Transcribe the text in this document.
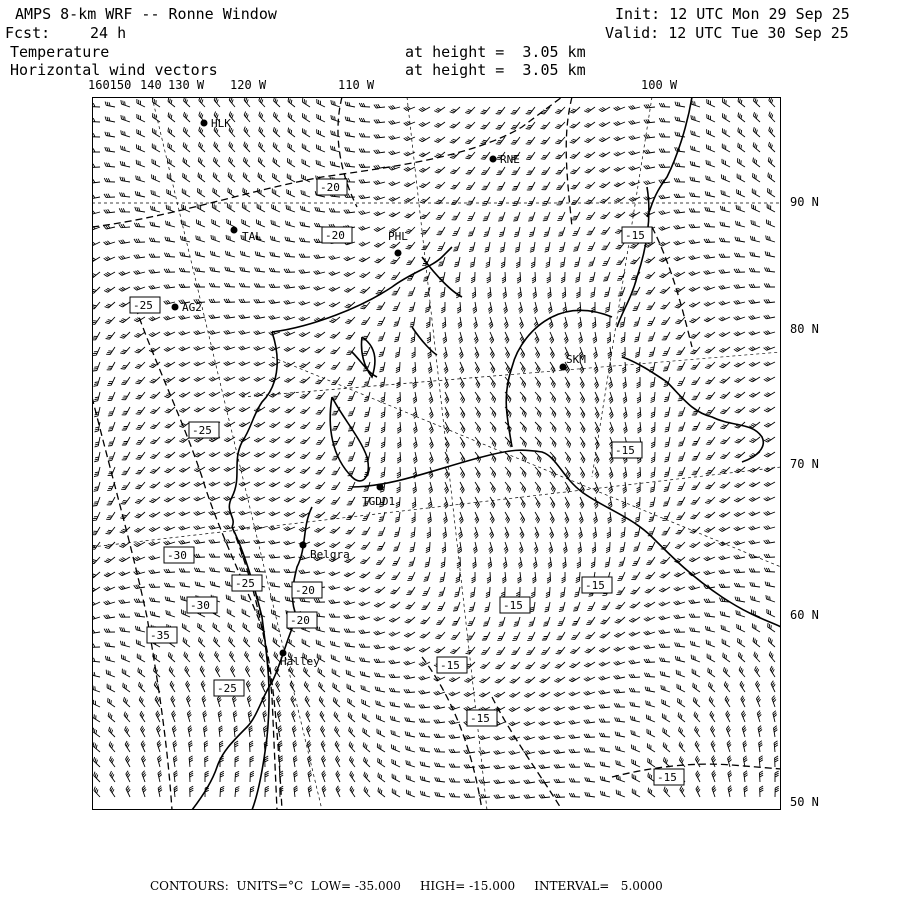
AMPS 8-km WRF -- Ronne Window	Init: 12 UTC Mon 29 Sep 25
Fcst:	24 h	Valid: 12 UTC Tue 30 Sep 25
Temperature	at height =  3.05 km
Horizontal wind vectors	at height =  3.05 km
160150 140 130 W 120 W	110 W	100 W
90 N
80 N
70 N
60 N
50 N
HLK
RNE
TAL	PHL
AG2
SKM
TGDD1
Belgra
Halley
-20
-20	-15
-25
-25
-15
-30
-25
-30
-20
-20
-15
-15
-35
-15
-15
-15
-25
CONTOURS:  UNITS=°C  LOW= -35.000     HIGH= -15.000     INTERVAL=   5.0000
